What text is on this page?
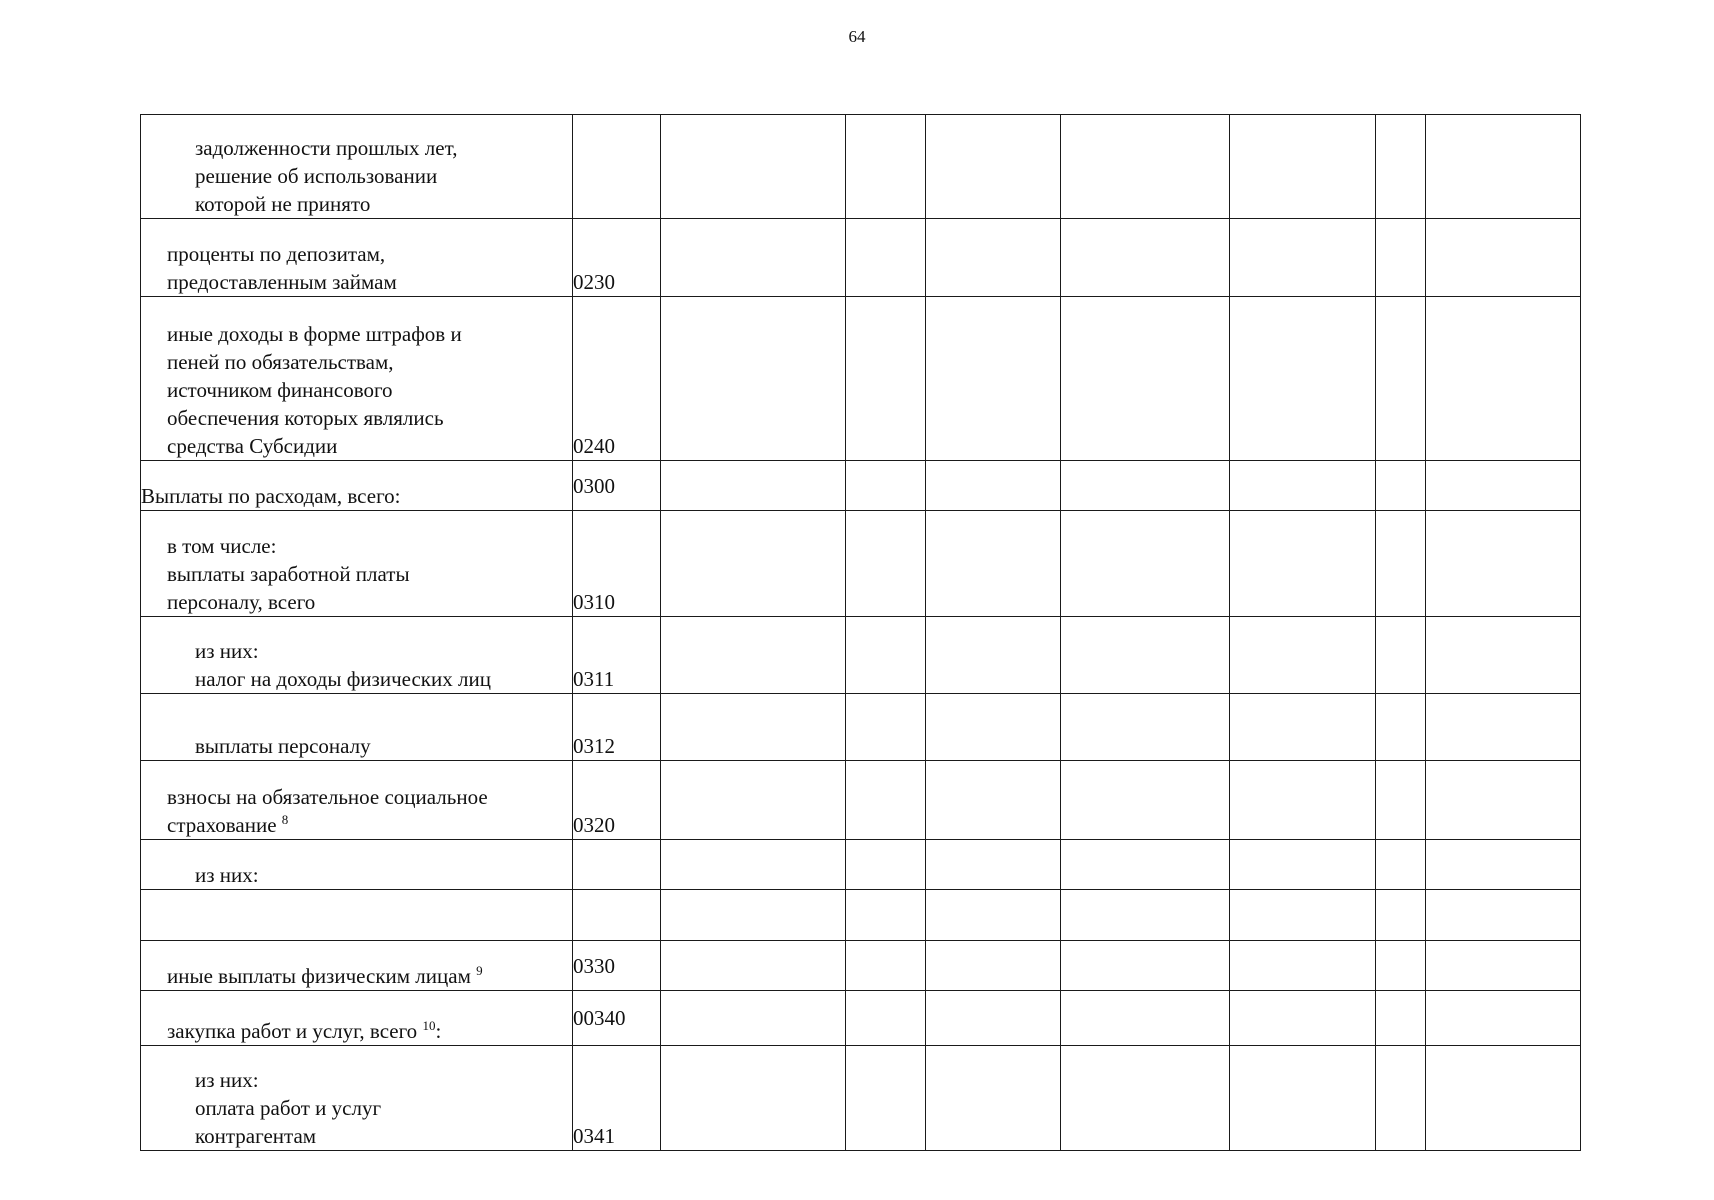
64
задолженности прошлых лет,
решение об использовании
которой не принято								

проценты по депозитам,
предоставленным займам	0230							

иные доходы в форме штрафов и
пеней по обязательствам,
источником финансового
обеспечения которых являлись
средства Субсидии	0240							

Выплаты по расходам, всего:	0300							

в том числе:
выплаты заработной платы
персоналу, всего	0310							

из них:
налог на доходы физических лиц	0311							

выплаты персоналу	0312							

взносы на обязательное социальное
страхование $^8$	0320							

из них:								

иные выплаты физическим лицам $^9$	0330							

закупка работ и услуг, всего $^{10}$:	00340							

из них:
оплата работ и услуг
контрагентам	0341							
